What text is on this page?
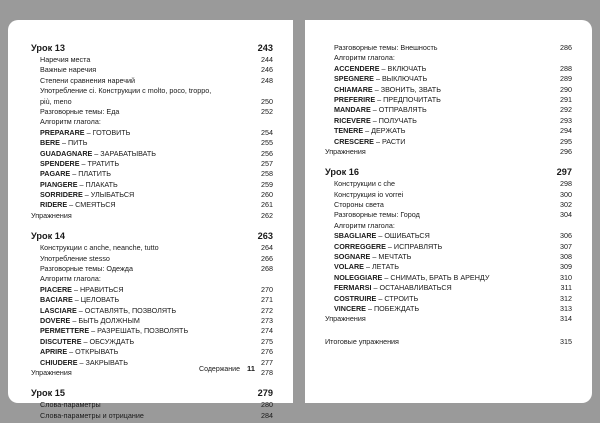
Урок 13	243
Наречия места	244
Важные наречия	246
Степени сравнения наречий	248
Употребление ci. Конструкции с molto, poco, troppo,
più, meno	250
Разговорные темы: Еда	252
Алгоритм глагола:
PREPARARE – ГОТОВИТЬ	254
BERE – ПИТЬ	255
GUADAGNARE – ЗАРАБАТЫВАТЬ	256
SPENDERE – ТРАТИТЬ	257
PAGARE – ПЛАТИТЬ	258
PIANGERE – ПЛАКАТЬ	259
SORRIDERE – УЛЫБАТЬСЯ	260
RIDERE – СМЕЯТЬСЯ	261
Упражнения	262
Урок 14	263
Конструкции с anche, neanche, tutto	264
Употребление stesso	266
Разговорные темы: Одежда	268
Алгоритм глагола:
PIACERE – НРАВИТЬСЯ	270
BACIARE – ЦЕЛОВАТЬ	271
LASCIARE – ОСТАВЛЯТЬ, ПОЗВОЛЯТЬ	272
DOVERE – БЫТЬ ДОЛЖНЫМ	273
PERMETTERE – РАЗРЕШАТЬ, ПОЗВОЛЯТЬ	274
DISCUTERE – ОБСУЖДАТЬ	275
APRIRE – ОТКРЫВАТЬ	276
CHIUDERE – ЗАКРЫВАТЬ	277
Упражнения	278
Урок 15	279
Слова-параметры	280
Слова-параметры и отрицание	284
Содержание 11
Разговорные темы: Внешность	286
Алгоритм глагола:
ACCENDERE – ВКЛЮЧАТЬ	288
SPEGNERE – ВЫКЛЮЧАТЬ	289
CHIAMARE – ЗВОНИТЬ, ЗВАТЬ	290
PREFERIRE – ПРЕДПОЧИТАТЬ	291
MANDARE – ОТПРАВЛЯТЬ	292
RICEVERE – ПОЛУЧАТЬ	293
TENERE – ДЕРЖАТЬ	294
CRESCERE – РАСТИ	295
Упражнения	296
Урок 16	297
Конструкции с che	298
Конструкция io vorrei	300
Стороны света	302
Разговорные темы: Город	304
Алгоритм глагола:
SBAGLIARE – ОШИБАТЬСЯ	306
CORREGGERE – ИСПРАВЛЯТЬ	307
SOGNARE – МЕЧТАТЬ	308
VOLARE – ЛЕТАТЬ	309
NOLEGGIARE – СНИМАТЬ, БРАТЬ В АРЕНДУ	310
FERMARSI – ОСТАНАВЛИВАТЬСЯ	311
COSTRUIRE – СТРОИТЬ	312
VINCERE – ПОБЕЖДАТЬ	313
Упражнения	314
Итоговые упражнения	315
